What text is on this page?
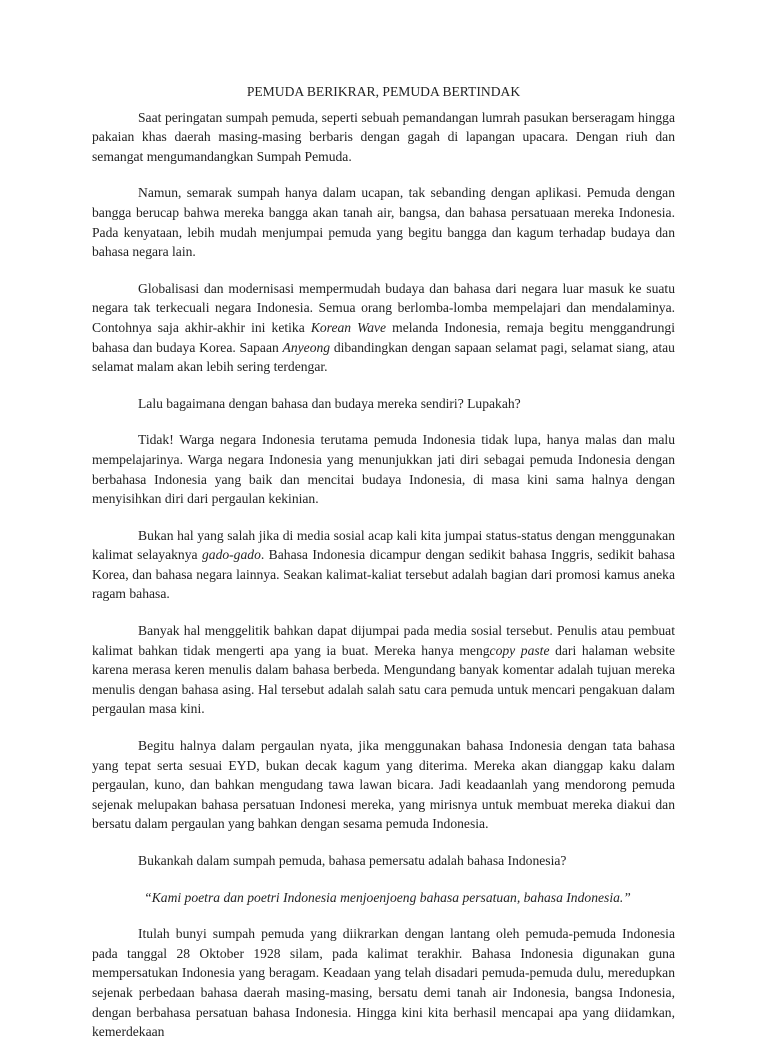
PEMUDA BERIKRAR, PEMUDA BERTINDAK

Saat peringatan sumpah pemuda, seperti sebuah pemandangan lumrah pasukan berseragam hingga pakaian khas daerah masing-masing berbaris dengan gagah di lapangan upacara. Dengan riuh dan semangat mengumandangkan Sumpah Pemuda.

Namun, semarak sumpah hanya dalam ucapan, tak sebanding dengan aplikasi. Pemuda dengan bangga berucap bahwa mereka bangga akan tanah air, bangsa, dan bahasa persatuaan mereka Indonesia. Pada kenyataan, lebih mudah menjumpai pemuda yang begitu bangga dan kagum terhadap budaya dan bahasa negara lain.

Globalisasi dan modernisasi mempermudah budaya dan bahasa dari negara luar masuk ke suatu negara tak terkecuali negara Indonesia. Semua orang berlomba-lomba mempelajari dan mendalaminya. Contohnya saja akhir-akhir ini ketika Korean Wave melanda Indonesia, remaja begitu menggandrungi bahasa dan budaya Korea. Sapaan Anyeong dibandingkan dengan sapaan selamat pagi, selamat siang, atau selamat malam akan lebih sering terdengar.

Lalu bagaimana dengan bahasa dan budaya mereka sendiri? Lupakah?

Tidak! Warga negara Indonesia terutama pemuda Indonesia tidak lupa, hanya malas dan malu mempelajarinya. Warga negara Indonesia yang menunjukkan jati diri sebagai pemuda Indonesia dengan berbahasa Indonesia yang baik dan mencitai budaya Indonesia, di masa kini sama halnya dengan menyisihkan diri dari pergaulan kekinian.

Bukan hal yang salah jika di media sosial acap kali kita jumpai status-status dengan menggunakan kalimat selayaknya gado-gado. Bahasa Indonesia dicampur dengan sedikit bahasa Inggris, sedikit bahasa Korea, dan bahasa negara lainnya. Seakan kalimat-kaliat tersebut adalah bagian dari promosi kamus aneka ragam bahasa.

Banyak hal menggelitik bahkan dapat dijumpai pada media sosial tersebut. Penulis atau pembuat kalimat bahkan tidak mengerti apa yang ia buat. Mereka hanya mengcopy paste dari halaman website karena merasa keren menulis dalam bahasa berbeda. Mengundang banyak komentar adalah tujuan mereka menulis dengan bahasa asing. Hal tersebut adalah salah satu cara pemuda untuk mencari pengakuan dalam pergaulan masa kini.

Begitu halnya dalam pergaulan nyata, jika menggunakan bahasa Indonesia dengan tata bahasa yang tepat serta sesuai EYD, bukan decak kagum yang diterima. Mereka akan dianggap kaku dalam pergaulan, kuno, dan bahkan mengudang tawa lawan bicara. Jadi keadaanlah yang mendorong pemuda sejenak melupakan bahasa persatuan Indonesi mereka, yang mirisnya untuk membuat mereka diakui dan bersatu dalam pergaulan yang bahkan dengan sesama pemuda Indonesia.

Bukankah dalam sumpah pemuda, bahasa pemersatu adalah bahasa Indonesia?

“Kami poetra dan poetri Indonesia menjoenjoeng bahasa persatuan, bahasa Indonesia.”

Itulah bunyi sumpah pemuda yang diikrarkan dengan lantang oleh pemuda-pemuda Indonesia pada tanggal 28 Oktober 1928 silam, pada kalimat terakhir. Bahasa Indonesia digunakan guna mempersatukan Indonesia yang beragam. Keadaan yang telah disadari pemuda-pemuda dulu, meredupkan sejenak perbedaan bahasa daerah masing-masing, bersatu demi tanah air Indonesia, bangsa Indonesia, dengan berbahasa persatuan bahasa Indonesia. Hingga kini kita berhasil mencapai apa yang diidamkan, kemerdekaan
